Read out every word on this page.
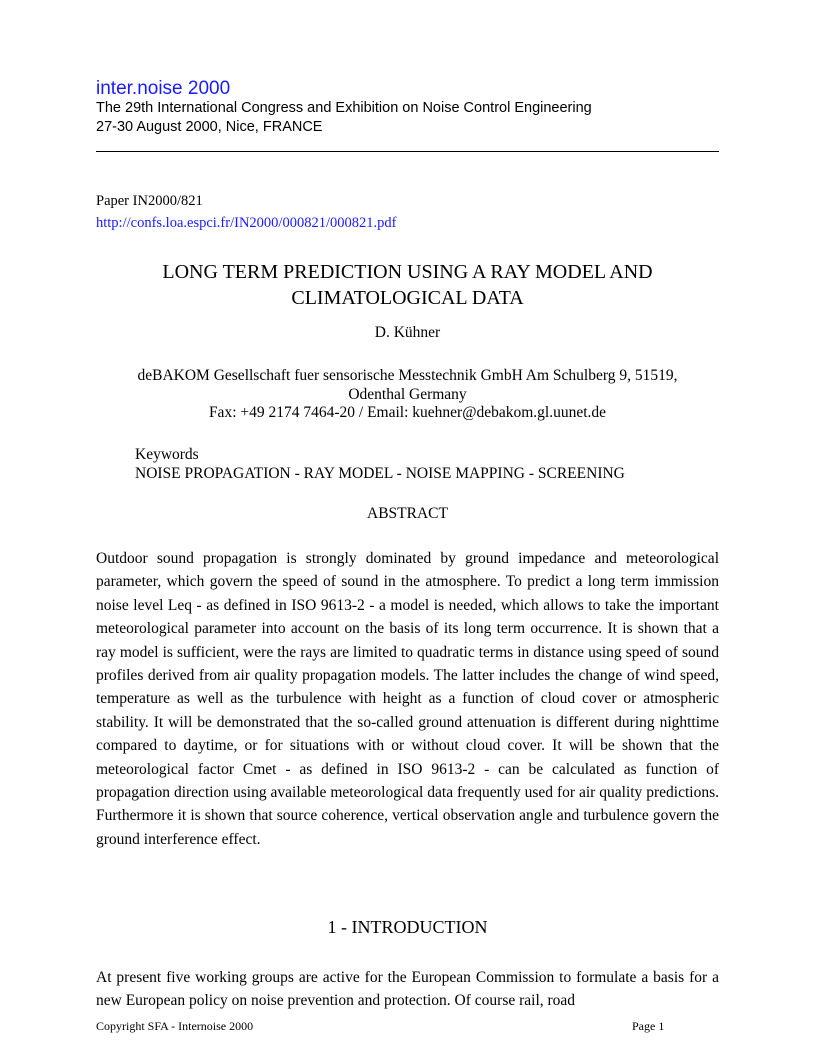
inter.noise 2000
The 29th International Congress and Exhibition on Noise Control Engineering
27-30 August 2000, Nice, FRANCE
Paper IN2000/821
http://confs.loa.espci.fr/IN2000/000821/000821.pdf
LONG TERM PREDICTION USING A RAY MODEL AND CLIMATOLOGICAL DATA
D. Kühner
deBAKOM Gesellschaft fuer sensorische Messtechnik GmbH Am Schulberg 9, 51519,
Odenthal Germany
Fax: +49 2174 7464-20 / Email: kuehner@debakom.gl.uunet.de
Keywords
NOISE PROPAGATION - RAY MODEL - NOISE MAPPING - SCREENING
ABSTRACT
Outdoor sound propagation is strongly dominated by ground impedance and meteorological parameter, which govern the speed of sound in the atmosphere. To predict a long term immission noise level Leq - as defined in ISO 9613-2 - a model is needed, which allows to take the important meteorological parameter into account on the basis of its long term occurrence. It is shown that a ray model is sufficient, were the rays are limited to quadratic terms in distance using speed of sound profiles derived from air quality propagation models. The latter includes the change of wind speed, temperature as well as the turbulence with height as a function of cloud cover or atmospheric stability. It will be demonstrated that the so-called ground attenuation is different during nighttime compared to daytime, or for situations with or without cloud cover. It will be shown that the meteorological factor Cmet - as defined in ISO 9613-2 - can be calculated as function of propagation direction using available meteorological data frequently used for air quality predictions. Furthermore it is shown that source coherence, vertical observation angle and turbulence govern the ground interference effect.
1 - INTRODUCTION
At present five working groups are active for the European Commission to formulate a basis for a new European policy on noise prevention and protection. Of course rail, road
Copyright SFA - Internoise 2000	Page 1
